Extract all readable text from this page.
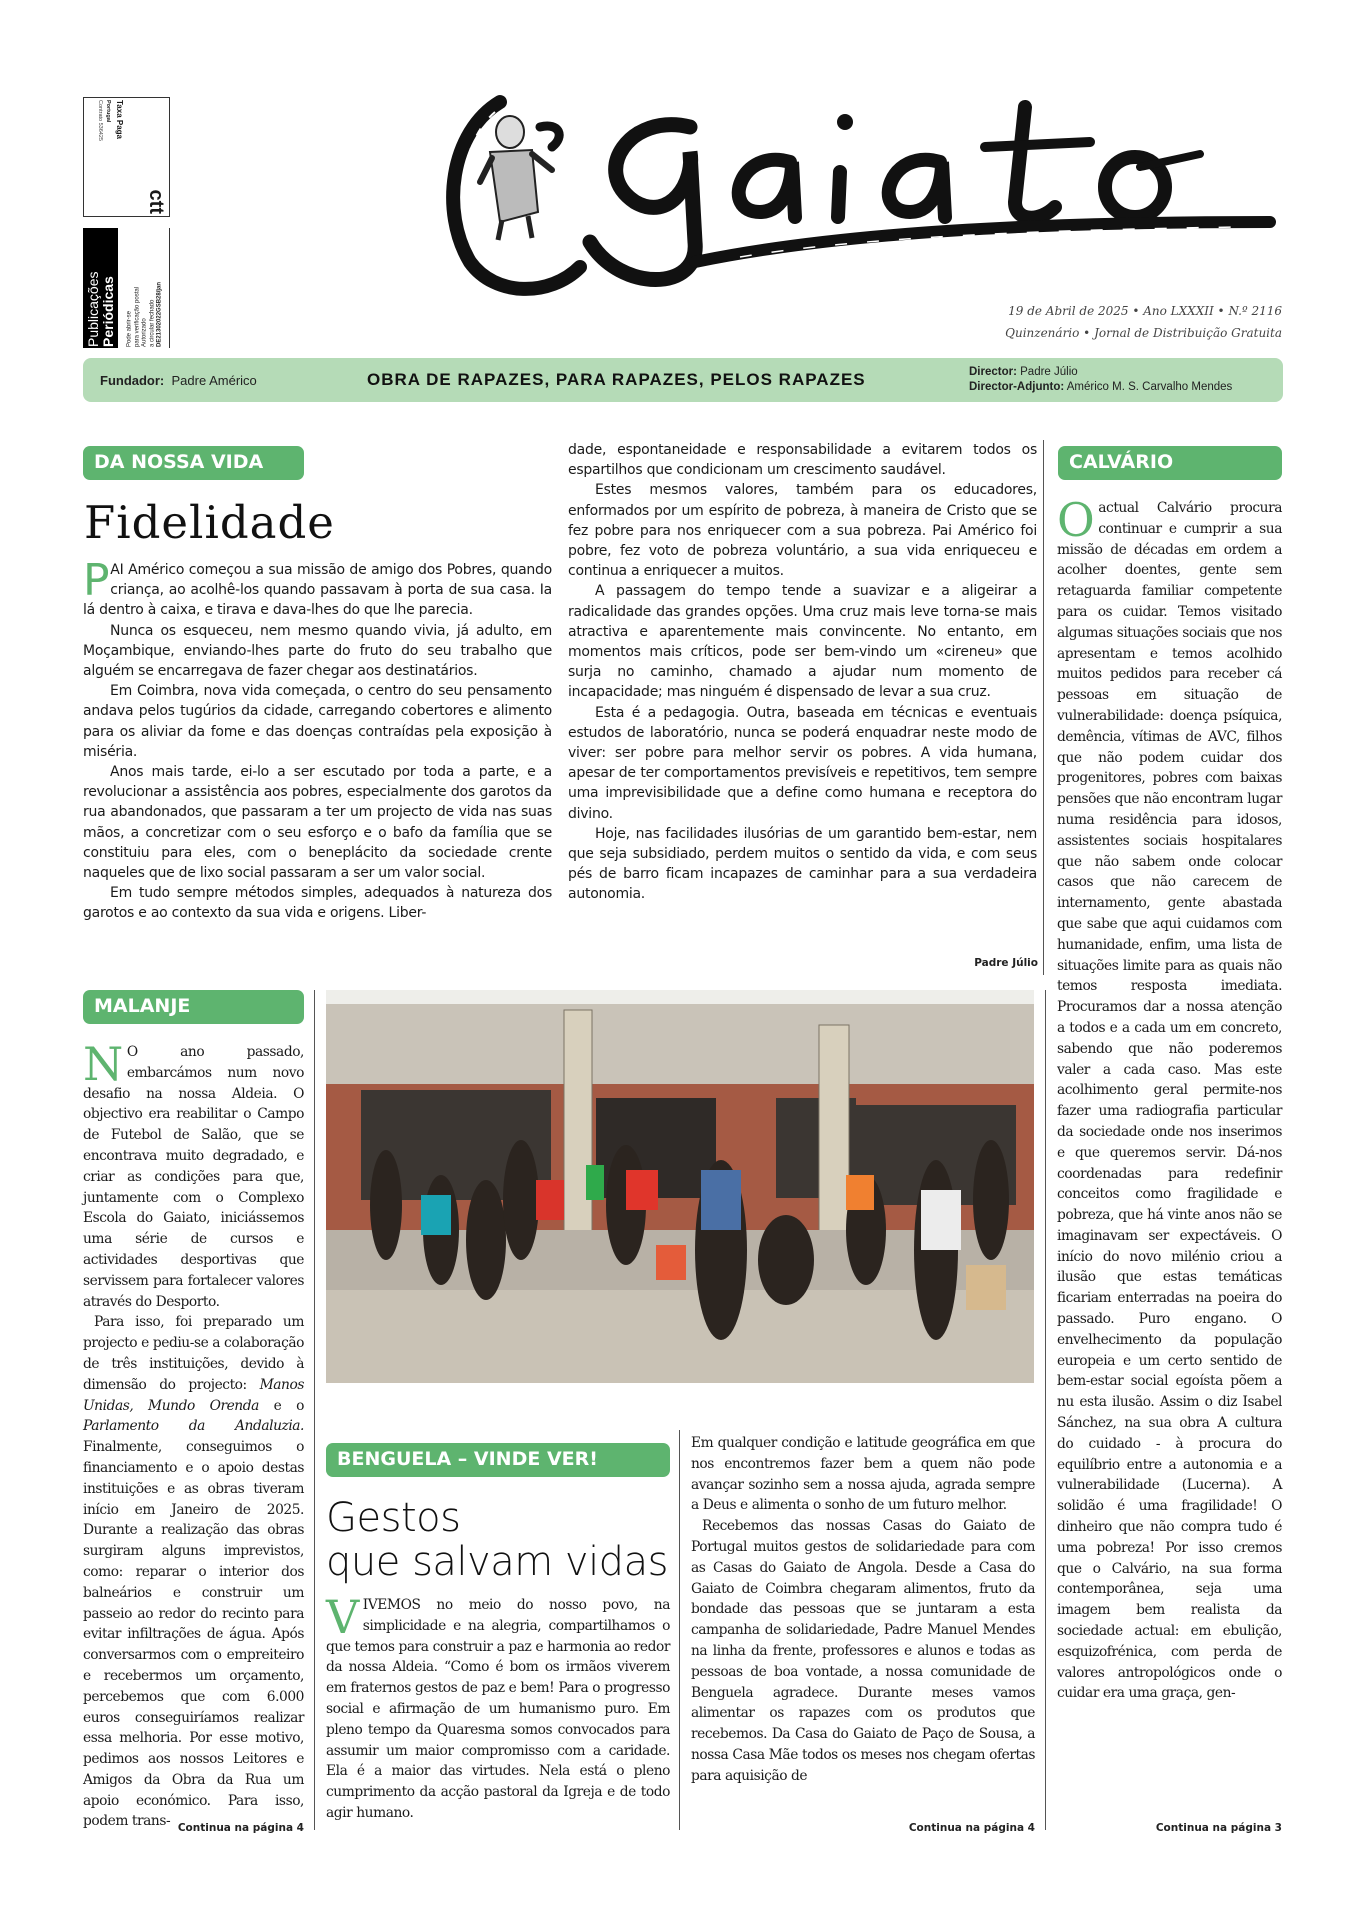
ctt
Taxa Paga
Portugal
Contrato 536425
Publicações Periódicas Pode abrir-se para verificação postal Autorizado a circular fechado DE21302022GSB28/jan	19 de Abril de 2025 • Ano LXXXII • N.º 2116
Quinzenário • Jornal de Distribuição Gratuita
Fundador: Padre Américo	OBRA DE RAPAZES, PARA RAPAZES, PELOS RAPAZES	Director: Padre Júlio
Director-Adjunto: Américo M. S. Carvalho Mendes
DA NOSSA VIDA
Fidelidade

PAI Américo começou a sua missão de amigo dos Pobres, quando criança, ao acolhê-los quando passavam à porta de sua casa. Ia lá dentro à caixa, e tirava e dava-lhes do que lhe parecia.

Nunca os esqueceu, nem mesmo quando vivia, já adulto, em Moçambique, enviando-lhes parte do fruto do seu trabalho que alguém se encarregava de fazer chegar aos destinatários.

Em Coimbra, nova vida começada, o centro do seu pensamento andava pelos tugúrios da cidade, carregando cobertores e alimento para os aliviar da fome e das doenças contraídas pela exposição à miséria.

Anos mais tarde, ei-lo a ser escutado por toda a parte, e a revolucionar a assistência aos pobres, especialmente dos garotos da rua abandonados, que passaram a ter um projecto de vida nas suas mãos, a concretizar com o seu esforço e o bafo da família que se constituiu para eles, com o beneplácito da sociedade crente naqueles que de lixo social passaram a ser um valor social.

Em tudo sempre métodos simples, adequados à natureza dos garotos e ao contexto da sua vida e origens. Liber-

dade, espontaneidade e responsabilidade a evitarem todos os espartilhos que condicionam um crescimento saudável.

Estes mesmos valores, também para os educadores, enformados por um espírito de pobreza, à maneira de Cristo que se fez pobre para nos enriquecer com a sua pobreza. Pai Américo foi pobre, fez voto de pobreza voluntário, a sua vida enriqueceu e continua a enriquecer a muitos.

A passagem do tempo tende a suavizar e a aligeirar a radicalidade das grandes opções. Uma cruz mais leve torna-se mais atractiva e aparentemente mais convincente. No entanto, em momentos mais críticos, pode ser bem-vindo um «cireneu» que surja no caminho, chamado a ajudar num momento de incapacidade; mas ninguém é dispensado de levar a sua cruz.

Esta é a pedagogia. Outra, baseada em técnicas e eventuais estudos de laboratório, nunca se poderá enquadrar neste modo de viver: ser pobre para melhor servir os pobres. A vida humana, apesar de ter comportamentos previsíveis e repetitivos, tem sempre uma imprevisibilidade que a define como humana e receptora do divino.

Hoje, nas facilidades ilusórias de um garantido bem-estar, nem que seja subsidiado, perdem muitos o sentido da vida, e com seus pés de barro ficam incapazes de caminhar para a sua verdadeira autonomia.

Padre Júlio
CALVÁRIO

Oactual Calvário procura continuar e cumprir a sua missão de décadas em ordem a acolher doentes, gente sem retaguarda familiar competente para os cuidar. Temos visitado algumas situações sociais que nos apresentam e temos acolhido muitos pedidos para receber cá pessoas em situação de vulnerabilidade: doença psíquica, demência, vítimas de AVC, filhos que não podem cuidar dos progenitores, pobres com baixas pensões que não encontram lugar numa residência para idosos, assistentes sociais hospitalares que não sabem onde colocar casos que não carecem de internamento, gente abastada que sabe que aqui cuidamos com humanidade, enfim, uma lista de situações limite para as quais não temos resposta imediata. Procuramos dar a nossa atenção a todos e a cada um em concreto, sabendo que não poderemos valer a cada caso. Mas este acolhimento geral permite-nos fazer uma radiografia particular da sociedade onde nos inserimos e que queremos servir. Dá-nos coordenadas para redefinir conceitos como fragilidade e pobreza, que há vinte anos não se imaginavam ser expectáveis. O início do novo milénio criou a ilusão que estas temáticas ficariam enterradas na poeira do passado. Puro engano. O envelhecimento da população europeia e um certo sentido de bem-estar social egoísta põem a nu esta ilusão. Assim o diz Isabel Sánchez, na sua obra A cultura do cuidado - à procura do equilíbrio entre a autonomia e a vulnerabilidade (Lucerna). A solidão é uma fragilidade! O dinheiro que não compra tudo é uma pobreza! Por isso cremos que o Calvário, na sua forma contemporânea, seja uma imagem bem realista da sociedade actual: em ebulição, esquizofrénica, com perda de valores antropológicos onde o cuidar era uma graça, gen-

Continua na página 3
MALANJE

N O ano passado, embarcámos num novo desafio na nossa Aldeia. O objectivo era reabilitar o Campo de Futebol de Salão, que se encontrava muito degradado, e criar as condições para que, juntamente com o Complexo Escola do Gaiato, iniciássemos uma série de cursos e actividades desportivas que servissem para fortalecer valores através do Desporto.

Para isso, foi preparado um projecto e pediu-se a colaboração de três instituições, devido à dimensão do projecto: Manos Unidas, Mundo Orenda e o Parlamento da Andaluzia. Finalmente, conseguimos o financiamento e o apoio destas instituições e as obras tiveram início em Janeiro de 2025. Durante a realização das obras surgiram alguns imprevistos, como: reparar o interior dos balneários e construir um passeio ao redor do recinto para evitar infiltrações de água. Após conversarmos com o empreiteiro e recebermos um orçamento, percebemos que com 6.000 euros conseguiríamos realizar essa melhoria. Por esse motivo, pedimos aos nossos Leitores e Amigos da Obra da Rua um apoio económico. Para isso, podem trans- Continua na página 4
BENGUELA – VINDE VER!
Gestos
que salvam vidas

VIVEMOS no meio do nosso povo, na simplicidade e na alegria, compartilhamos o que temos para construir a paz e harmonia ao redor da nossa Aldeia. “Como é bom os irmãos viverem em fraternos gestos de paz e bem! Para o progresso social e afirmação de um humanismo puro. Em pleno tempo da Quaresma somos convocados para assumir um maior compromisso com a caridade. Ela é a maior das virtudes. Nela está o pleno cumprimento da acção pastoral da Igreja e de todo agir humano.

Em qualquer condição e latitude geográfica em que nos encontremos fazer bem a quem não pode avançar sozinho sem a nossa ajuda, agrada sempre a Deus e alimenta o sonho de um futuro melhor.

Recebemos das nossas Casas do Gaiato de Portugal muitos gestos de solidariedade para com as Casas do Gaiato de Angola. Desde a Casa do Gaiato de Coimbra chegaram alimentos, fruto da bondade das pessoas que se juntaram a esta campanha de solidariedade, Padre Manuel Mendes na linha da frente, professores e alunos e todas as pessoas de boa vontade, a nossa comunidade de Benguela agradece. Durante meses vamos alimentar os rapazes com os produtos que recebemos. Da Casa do Gaiato de Paço de Sousa, a nossa Casa Mãe todos os meses nos chegam ofertas para aquisição de

Continua na página 4
